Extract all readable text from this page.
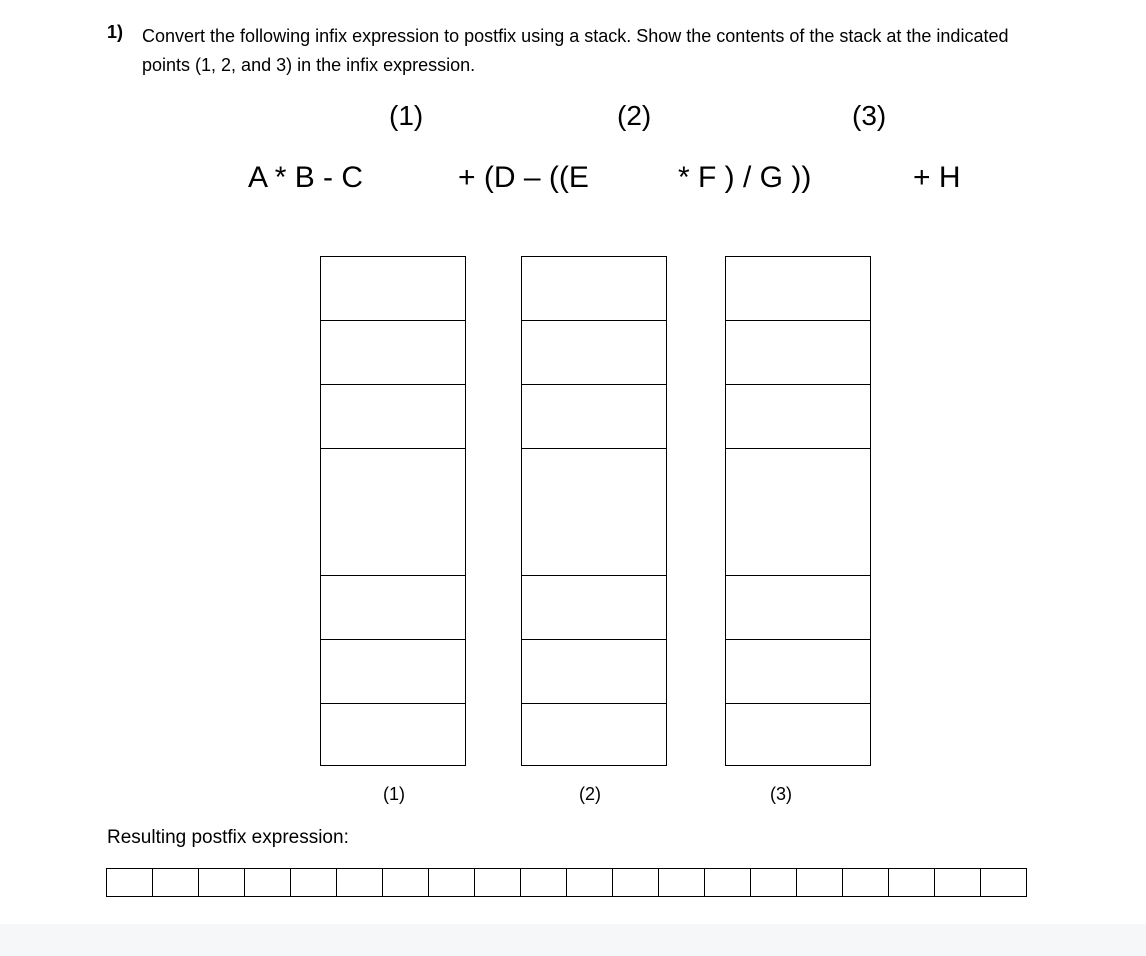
1) Convert the following infix expression to postfix using a stack. Show the contents of the stack at the indicated points (1, 2, and 3) in the infix expression.
(1)	(2)	(3)
A * B - C	+ (D – ((E	* F ) / G ))	+ H
(1)	(2)	(3)
Resulting postfix expression:
